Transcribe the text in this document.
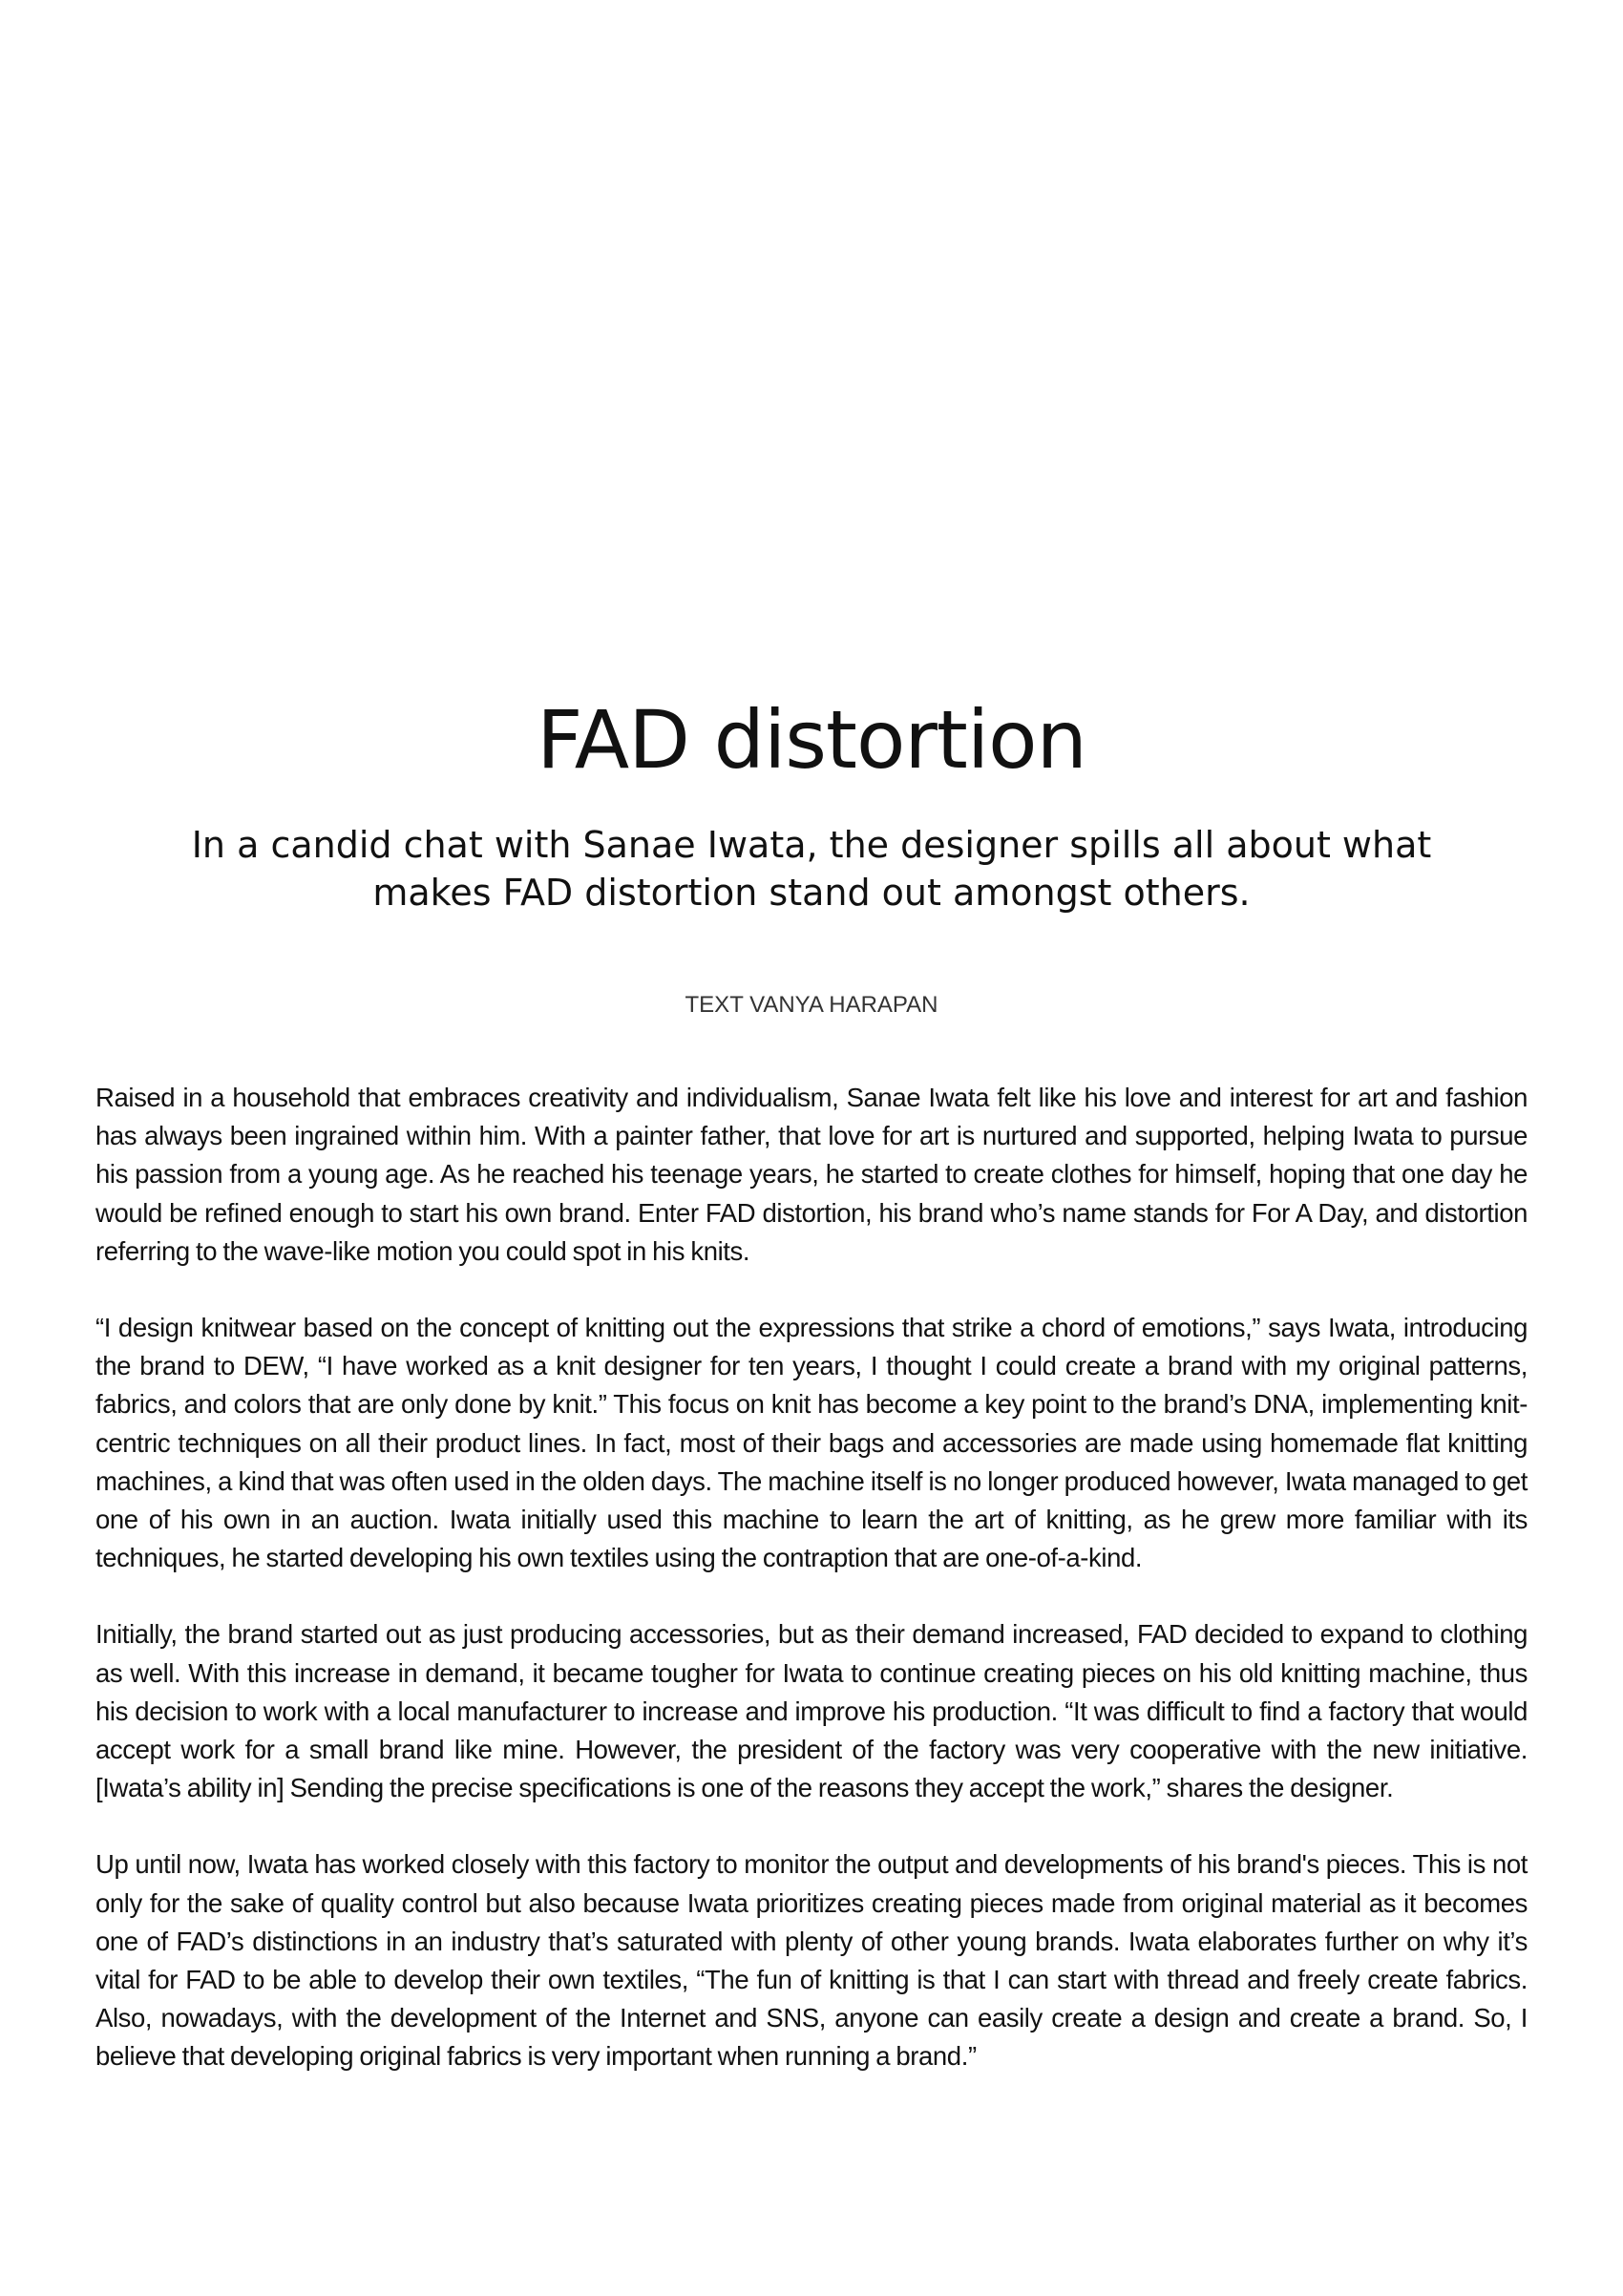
FAD distortion

In a candid chat with Sanae Iwata, the designer spills all about what makes FAD distortion stand out amongst others.

TEXT VANYA HARAPAN

Raised in a household that embraces creativity and individualism, Sanae Iwata felt like his love and interest for art and fashion has always been ingrained within him. With a painter father, that love for art is nurtured and supported, helping Iwata to pursue his passion from a young age. As he reached his teenage years, he started to create clothes for himself, hoping that one day he would be refined enough to start his own brand. Enter FAD distortion, his brand who’s name stands for For A Day, and distortion referring to the wave-like motion you could spot in his knits.

“I design knitwear based on the concept of knitting out the expressions that strike a chord of emotions,” says Iwata, introducing the brand to DEW, “I have worked as a knit designer for ten years, I thought I could create a brand with my original patterns, fabrics, and colors that are only done by knit.” This focus on knit has become a key point to the brand’s DNA, implementing knit-centric techniques on all their product lines. In fact, most of their bags and accessories are made using homemade flat knitting machines, a kind that was often used in the olden days. The machine itself is no longer produced however, Iwata managed to get one of his own in an auction. Iwata initially used this machine to learn the art of knitting, as he grew more familiar with its techniques, he started developing his own textiles using the contraption that are one-of-a-kind.

Initially, the brand started out as just producing accessories, but as their demand increased, FAD decided to expand to clothing as well. With this increase in demand, it became tougher for Iwata to continue creating pieces on his old knitting machine, thus his decision to work with a local manufacturer to increase and improve his production. “It was difficult to find a factory that would accept work for a small brand like mine. However, the president of the factory was very cooperative with the new initiative. [Iwata’s ability in] Sending the precise specifications is one of the reasons they accept the work,” shares the designer.

Up until now, Iwata has worked closely with this factory to monitor the output and developments of his brand's pieces. This is not only for the sake of quality control but also because Iwata prioritizes creating pieces made from original material as it becomes one of FAD’s distinctions in an industry that’s saturated with plenty of other young brands. Iwata elaborates further on why it’s vital for FAD to be able to develop their own textiles, “The fun of knitting is that I can start with thread and freely create fabrics. Also, nowadays, with the development of the Internet and SNS, anyone can easily create a design and create a brand. So, I believe that developing original fabrics is very important when running a brand.”
